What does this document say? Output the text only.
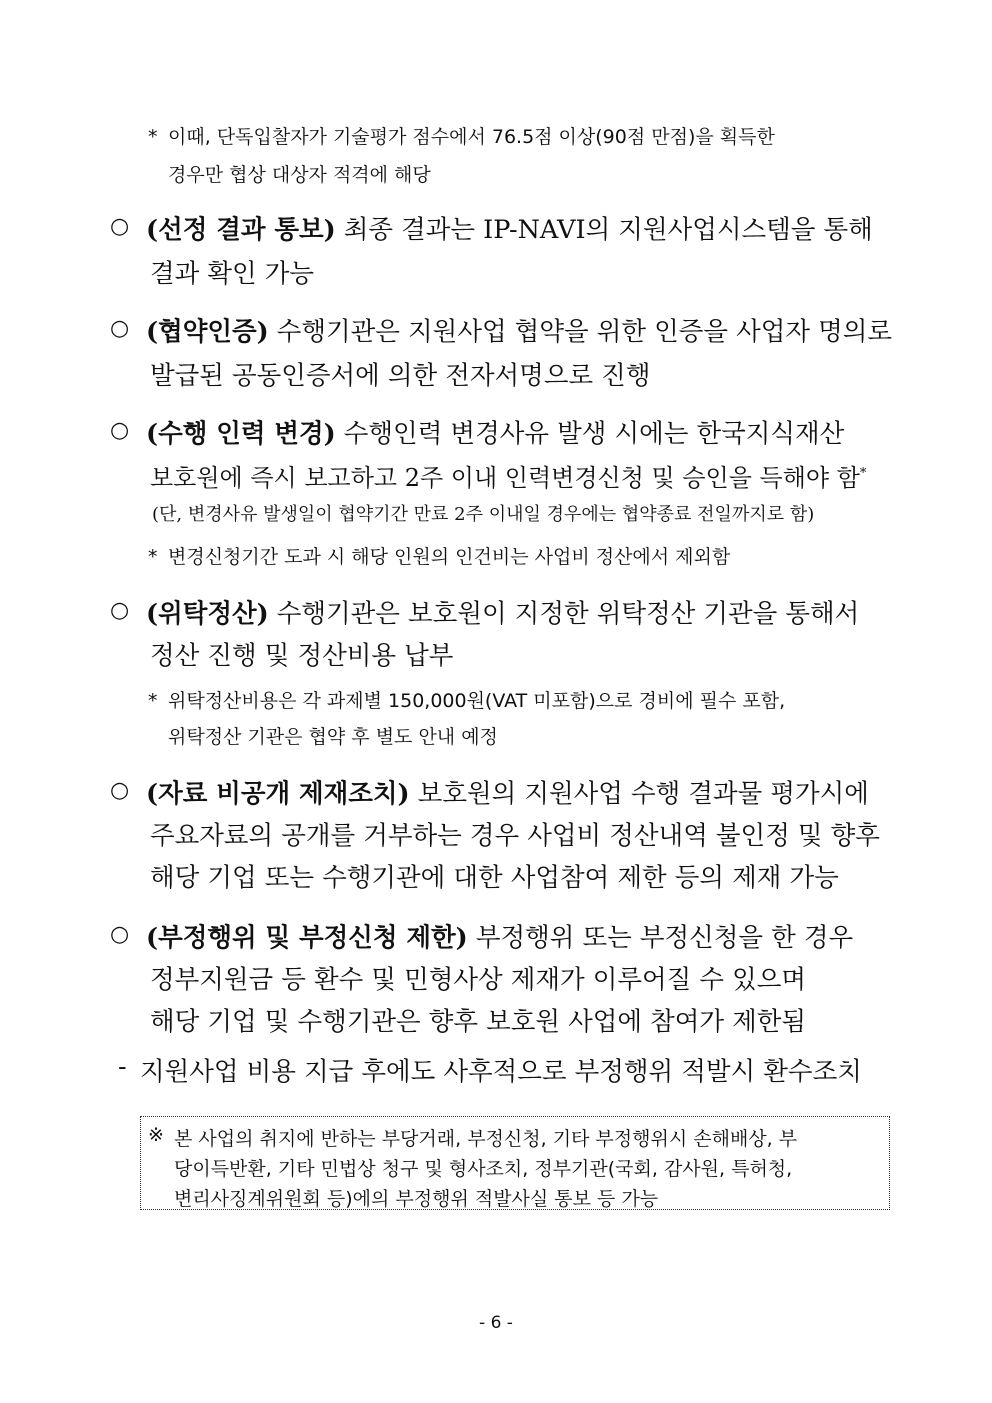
* 이때, 단독입찰자가 기술평가 점수에서 76.5점 이상(90점 만점)을 획득한
경우만 협상 대상자 적격에 해당
○ (선정 결과 통보) 최종 결과는 IP-NAVI의 지원사업시스템을 통해
결과 확인 가능
○ (협약인증) 수행기관은 지원사업 협약을 위한 인증을 사업자 명의로
발급된 공동인증서에 의한 전자서명으로 진행
○ (수행 인력 변경) 수행인력 변경사유 발생 시에는 한국지식재산
보호원에 즉시 보고하고 2주 이내 인력변경신청 및 승인을 득해야 함*
(단, 변경사유 발생일이 협약기간 만료 2주 이내일 경우에는 협약종료 전일까지로 함)
* 변경신청기간 도과 시 해당 인원의 인건비는 사업비 정산에서 제외함
○ (위탁정산) 수행기관은 보호원이 지정한 위탁정산 기관을 통해서
정산 진행 및 정산비용 납부
* 위탁정산비용은 각 과제별 150,000원(VAT 미포함)으로 경비에 필수 포함,
위탁정산 기관은 협약 후 별도 안내 예정
○ (자료 비공개 제재조치) 보호원의 지원사업 수행 결과물 평가시에
주요자료의 공개를 거부하는 경우 사업비 정산내역 불인정 및 향후
해당 기업 또는 수행기관에 대한 사업참여 제한 등의 제재 가능
○ (부정행위 및 부정신청 제한) 부정행위 또는 부정신청을 한 경우
정부지원금 등 환수 및 민형사상 제재가 이루어질 수 있으며
해당 기업 및 수행기관은 향후 보호원 사업에 참여가 제한됨
- 지원사업 비용 지급 후에도 사후적으로 부정행위 적발시 환수조치
※ 본 사업의 취지에 반하는 부당거래, 부정신청, 기타 부정행위시 손해배상, 부
당이득반환, 기타 민법상 청구 및 형사조치, 정부기관(국회, 감사원, 특허청,
변리사징계위원회 등)에의 부정행위 적발사실 통보 등 가능
- 6 -
